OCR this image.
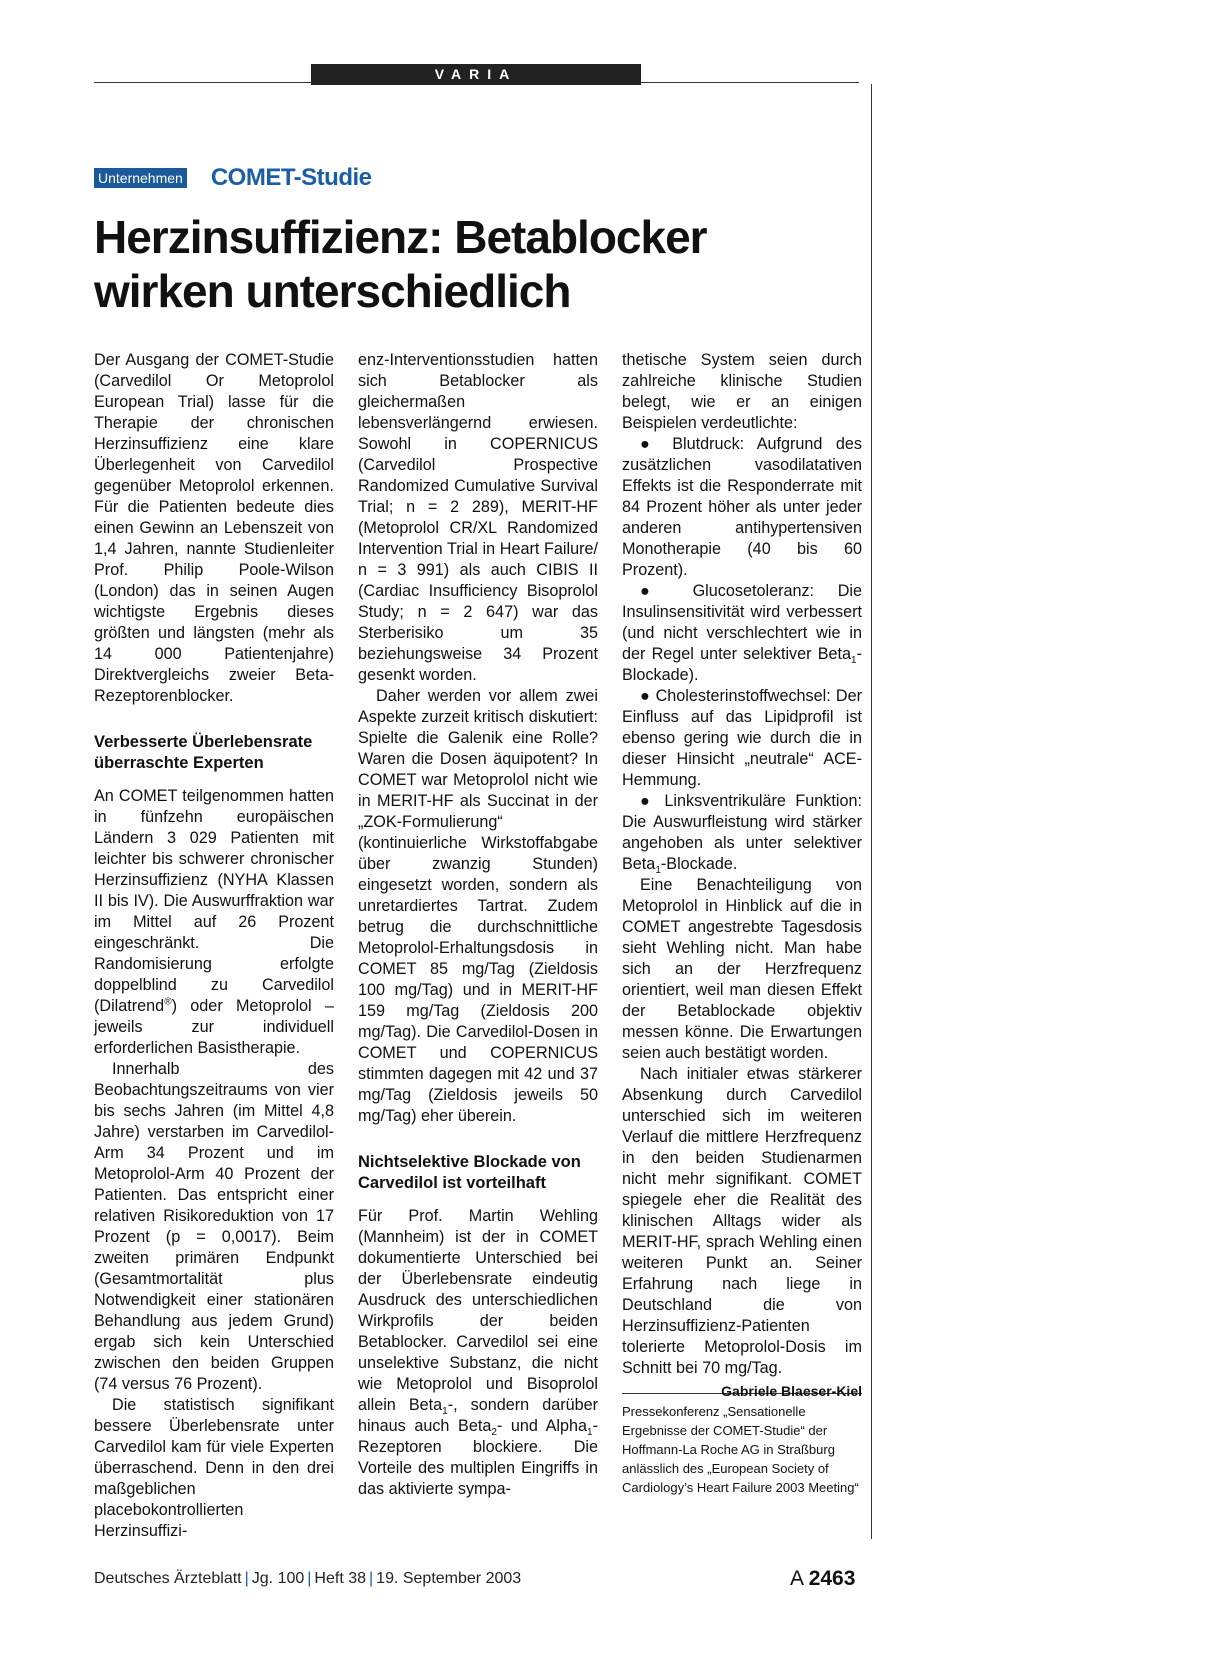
VARIA
Unternehmen COMET-Studie
Herzinsuffizienz: Betablocker
wirken unterschiedlich

Der Ausgang der COMET-Studie (Carvedilol Or Metoprolol European Trial) lasse für die Therapie der chronischen Herzinsuffizienz eine klare Überlegenheit von Carvedilol gegenüber Metoprolol erkennen. Für die Patienten bedeute dies einen Gewinn an Lebenszeit von 1,4 Jahren, nannte Studienleiter Prof. Philip Poole-Wilson (London) das in seinen Augen wichtigste Ergebnis dieses größten und längsten (mehr als 14 000 Patientenjahre) Direktvergleichs zweier Beta-Rezeptorenblocker.

Verbesserte Überlebensrate überraschte Experten

An COMET teilgenommen hatten in fünfzehn europäischen Ländern 3 029 Patienten mit leichter bis schwerer chronischer Herzinsuffizienz (NYHA Klassen II bis IV). Die Auswurffraktion war im Mittel auf 26 Prozent eingeschränkt. Die Randomisierung erfolgte doppelblind zu Carvedilol (Dilatrend®) oder Metoprolol – jeweils zur individuell erforderlichen Basistherapie.

Innerhalb des Beobachtungszeitraums von vier bis sechs Jahren (im Mittel 4,8 Jahre) verstarben im Carvedilol-Arm 34 Prozent und im Metoprolol-Arm 40 Prozent der Patienten. Das entspricht einer relativen Risikoreduktion von 17 Prozent (p = 0,0017). Beim zweiten primären Endpunkt (Gesamtmortalität plus Notwendigkeit einer stationären Behandlung aus jedem Grund) ergab sich kein Unterschied zwischen den beiden Gruppen (74 versus 76 Prozent).

Die statistisch signifikant bessere Überlebensrate unter Carvedilol kam für viele Experten überraschend. Denn in den drei maßgeblichen placebokontrollierten Herzinsuffizi-

enz-Interventionsstudien hatten sich Betablocker als gleichermaßen lebensverlängernd erwiesen. Sowohl in COPERNICUS (Carvedilol Prospective Randomized Cumulative Survival Trial; n = 2 289), MERIT-HF (Metoprolol CR/XL Randomized Intervention Trial in Heart Failure/ n = 3 991) als auch CIBIS II (Cardiac Insufficiency Bisoprolol Study; n = 2 647) war das Sterberisiko um 35 beziehungsweise 34 Prozent gesenkt worden.

Daher werden vor allem zwei Aspekte zurzeit kritisch diskutiert: Spielte die Galenik eine Rolle? Waren die Dosen äquipotent? In COMET war Metoprolol nicht wie in MERIT-HF als Succinat in der „ZOK-Formulierung“ (kontinuierliche Wirkstoffabgabe über zwanzig Stunden) eingesetzt worden, sondern als unretardiertes Tartrat. Zudem betrug die durchschnittliche Metoprolol-Erhaltungsdosis in COMET 85 mg/Tag (Zieldosis 100 mg/Tag) und in MERIT-HF 159 mg/Tag (Zieldosis 200 mg/Tag). Die Carvedilol-Dosen in COMET und COPERNICUS stimmten dagegen mit 42 und 37 mg/Tag (Zieldosis jeweils 50 mg/Tag) eher überein.

Nichtselektive Blockade von Carvedilol ist vorteilhaft

Für Prof. Martin Wehling (Mannheim) ist der in COMET dokumentierte Unterschied bei der Überlebensrate eindeutig Ausdruck des unterschiedlichen Wirkprofils der beiden Betablocker. Carvedilol sei eine unselektive Substanz, die nicht wie Metoprolol und Bisoprolol allein Beta$_1$-, sondern darüber hinaus auch Beta$_2$- und Alpha$_1$-Rezeptoren blockiere. Die Vorteile des multiplen Eingriffs in das aktivierte sympa-

thetische System seien durch zahlreiche klinische Studien belegt, wie er an einigen Beispielen verdeutlichte:

● Blutdruck: Aufgrund des zusätzlichen vasodilatativen Effekts ist die Responderrate mit 84 Prozent höher als unter jeder anderen antihypertensiven Monotherapie (40 bis 60 Prozent).

● Glucosetoleranz: Die Insulinsensitivität wird verbessert (und nicht verschlechtert wie in der Regel unter selektiver Beta$_1$-Blockade).

● Cholesterinstoffwechsel: Der Einfluss auf das Lipidprofil ist ebenso gering wie durch die in dieser Hinsicht „neutrale“ ACE-Hemmung.

● Linksventrikuläre Funktion: Die Auswurfleistung wird stärker angehoben als unter selektiver Beta$_1$-Blockade.

Eine Benachteiligung von Metoprolol in Hinblick auf die in COMET angestrebte Tagesdosis sieht Wehling nicht. Man habe sich an der Herzfrequenz orientiert, weil man diesen Effekt der Betablockade objektiv messen könne. Die Erwartungen seien auch bestätigt worden.

Nach initialer etwas stärkerer Absenkung durch Carvedilol unterschied sich im weiteren Verlauf die mittlere Herzfrequenz in den beiden Studienarmen nicht mehr signifikant. COMET spiegele eher die Realität des klinischen Alltags wider als MERIT-HF, sprach Wehling einen weiteren Punkt an. Seiner Erfahrung nach liege in Deutschland die von Herzinsuffizienz-Patienten tolerierte Metoprolol-Dosis im Schnitt bei 70 mg/Tag.
Gabriele Blaeser-Kiel

Pressekonferenz „Sensationelle Ergebnisse der COMET-Studie“ der Hoffmann-La Roche AG in Straßburg anlässlich des „European Society of Cardiology’s Heart Failure 2003 Meeting“
Deutsches Ärzteblatt | Jg. 100 | Heft 38 | 19. September 2003	A 2463
